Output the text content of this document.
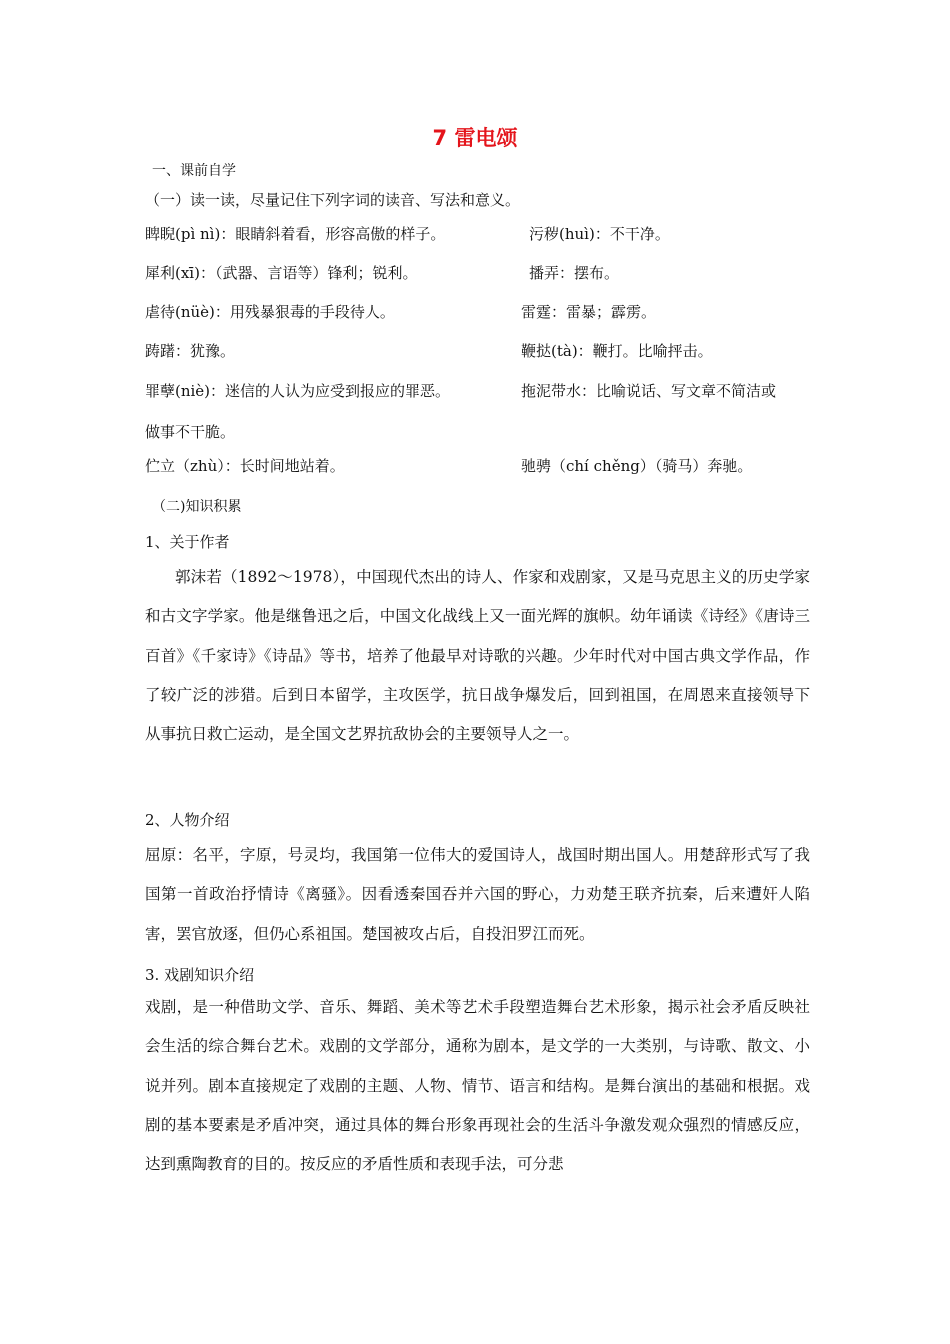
7 雷电颂
一、课前自学
（一）读一读，尽量记住下列字词的读音、写法和意义。
睥睨(pì nì)：眼睛斜着看，形容高傲的样子。	污秽(huì)：不干净。
犀利(xī)：（武器、言语等）锋利；锐利。	播弄：摆布。
虐待(nüè)：用残暴狠毒的手段待人。	雷霆：雷暴；霹雳。
踌躇：犹豫。	鞭挞(tà)：鞭打。比喻抨击。
罪孽(niè)：迷信的人认为应受到报应的罪恶。	拖泥带水：比喻说话、写文章不简洁或
做事不干脆。
伫立（zhù）：长时间地站着。	驰骋（chí chěng）（骑马）奔驰。
（二)知识积累
1、关于作者

郭沫若（1892～1978），中国现代杰出的诗人、作家和戏剧家，又是马克思主义的历史学家和古文字学家。他是继鲁迅之后，中国文化战线上又一面光辉的旗帜。幼年诵读《诗经》《唐诗三百首》《千家诗》《诗品》等书，培养了他最早对诗歌的兴趣。少年时代对中国古典文学作品，作了较广泛的涉猎。后到日本留学，主攻医学，抗日战争爆发后，回到祖国，在周恩来直接领导下从事抗日救亡运动，是全国文艺界抗敌协会的主要领导人之一。

2、人物介绍

屈原：名平，字原，号灵均，我国第一位伟大的爱国诗人，战国时期出国人。用楚辞形式写了我国第一首政治抒情诗《离骚》。因看透秦国吞并六国的野心，力劝楚王联齐抗秦，后来遭奸人陷害，罢官放逐，但仍心系祖国。楚国被攻占后，自投汨罗江而死。

3. 戏剧知识介绍

戏剧，是一种借助文学、音乐、舞蹈、美术等艺术手段塑造舞台艺术形象，揭示社会矛盾反映社会生活的综合舞台艺术。戏剧的文学部分，通称为剧本，是文学的一大类别，与诗歌、散文、小说并列。剧本直接规定了戏剧的主题、人物、情节、语言和结构。是舞台演出的基础和根据。戏剧的基本要素是矛盾冲突，通过具体的舞台形象再现社会的生活斗争激发观众强烈的情感反应，达到熏陶教育的目的。按反应的矛盾性质和表现手法，可分悲
